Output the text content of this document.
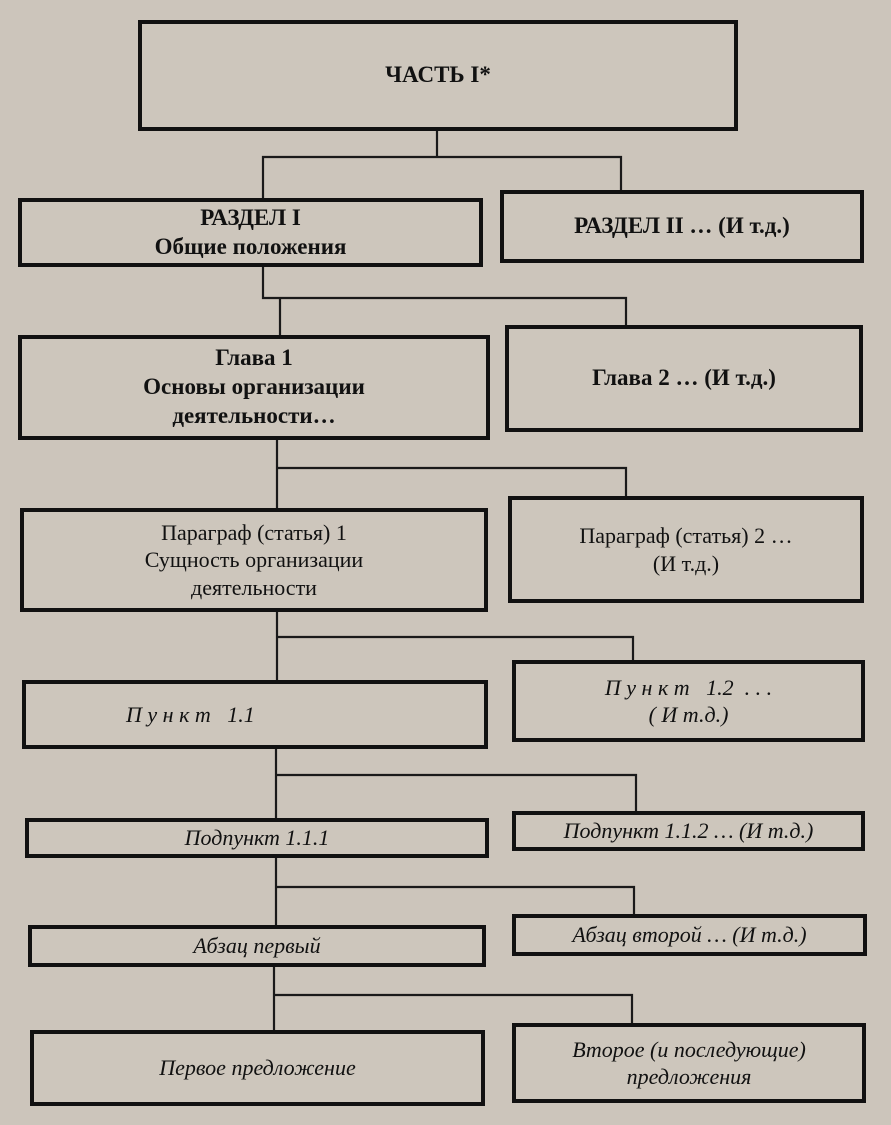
ЧАСТЬ I*
РАЗДЕЛ I
Общие положения
РАЗДЕЛ II … (И т.д.)
Глава 1
Основы организации
деятельности…
Глава 2 … (И т.д.)
Параграф (статья) 1
Сущность организации
деятельности
Параграф (статья) 2 …
(И т.д.)
П у н к т   1.1
П у н к т   1.2  . . .
( И т.д.)
Подпункт 1.1.1	Подпункт 1.1.2 … (И т.д.)
Абзац первый	Абзац второй … (И т.д.)
Первое предложение
Второе (и последующие)
предложения
